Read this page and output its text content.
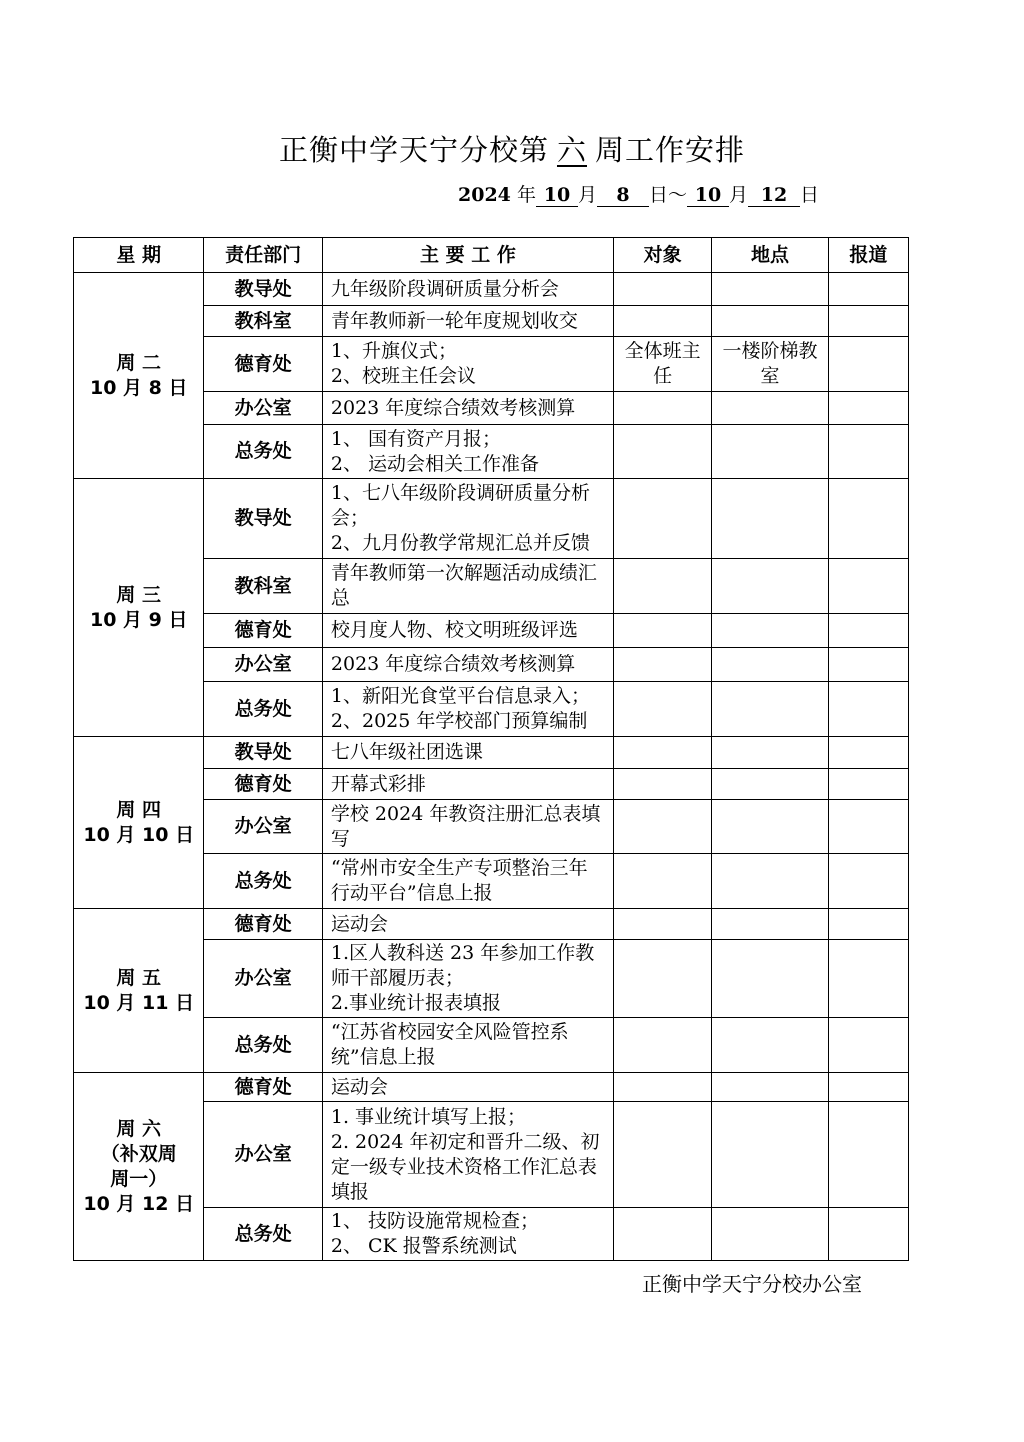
正衡中学天宁分校第 六 周工作安排
2024 年 10 月 8 日～ 10 月 12 日
星 期	责任部门	主 要 工 作	对象	地点	报道

周 二
10 月 8 日	教导处	九年级阶段调研质量分析会			
	教科室	青年教师新一轮年度规划收交			
	德育处	1、升旗仪式；
2、校班主任会议	全体班主任	一楼阶梯教室	
	办公室	2023 年度综合绩效考核测算			
	总务处	1、 国有资产月报；
2、 运动会相关工作准备			

周 三
10 月 9 日	教导处	1、七八年级阶段调研质量分析会；
2、九月份教学常规汇总并反馈			
	教科室	青年教师第一次解题活动成绩汇总			
	德育处	校月度人物、校文明班级评选			
	办公室	2023 年度综合绩效考核测算			
	总务处	1、新阳光食堂平台信息录入；
2、2025 年学校部门预算编制			

周 四
10 月 10 日	教导处	七八年级社团选课			
	德育处	开幕式彩排			
	办公室	学校 2024 年教资注册汇总表填写			
	总务处	“常州市安全生产专项整治三年行动平台”信息上报			

周 五
10 月 11 日	德育处	运动会			
	办公室	1.区人教科送 23 年参加工作教师干部履历表；
2.事业统计报表填报			
	总务处	“江苏省校园安全风险管控系统”信息上报			

周 六
（补双周周一）
10 月 12 日	德育处	运动会			
	办公室	1. 事业统计填写上报；
2. 2024 年初定和晋升二级、初定一级专业技术资格工作汇总表填报			
	总务处	1、 技防设施常规检查；
2、 CK 报警系统测试			
正衡中学天宁分校办公室
